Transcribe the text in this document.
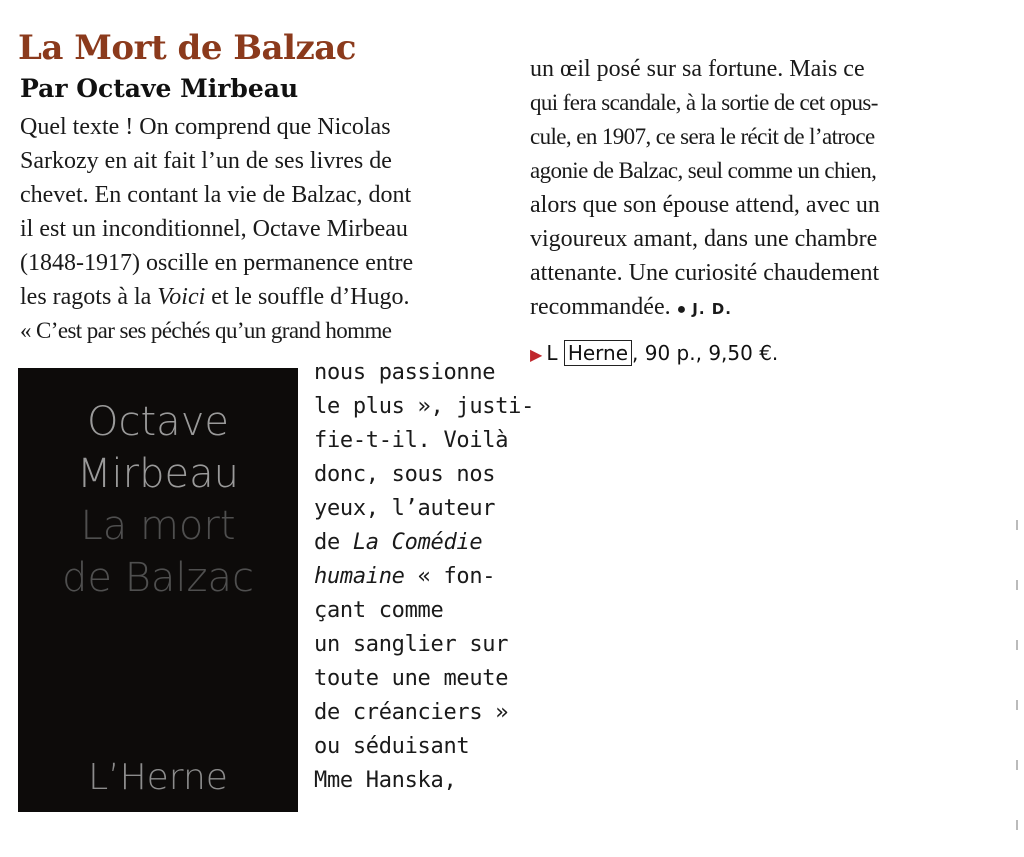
La Mort de Balzac
Par Octave Mirbeau
Quel texte ! On comprend que Nicolas
Sarkozy en ait fait l’un de ses livres de
chevet. En contant la vie de Balzac, dont
il est un inconditionnel, Octave Mirbeau
(1848-1917) oscille en permanence entre
les ragots à la Voici et le souffle d’Hugo.
« C’est par ses péchés qu’un grand homme
Octave
Mirbeau
La mort
de Balzac
L’Herne
nous passionne
le plus », justi-
fie-t-il. Voilà
donc, sous nos
yeux, l’auteur
de La Comédie
humaine « fon-
çant comme
un sanglier sur
toute une meute
de créanciers »
ou séduisant
Mme Hanska,
un œil posé sur sa fortune. Mais ce
qui fera scandale, à la sortie de cet opus-
cule, en 1907, ce sera le récit de l’atroce
agonie de Balzac, seul comme un chien,
alors que son épouse attend, avec un
vigoureux amant, dans une chambre
attenante. Une curiosité chaudement
recommandée. ● J. D.
▶ L Herne , 90 p., 9,50 €.
